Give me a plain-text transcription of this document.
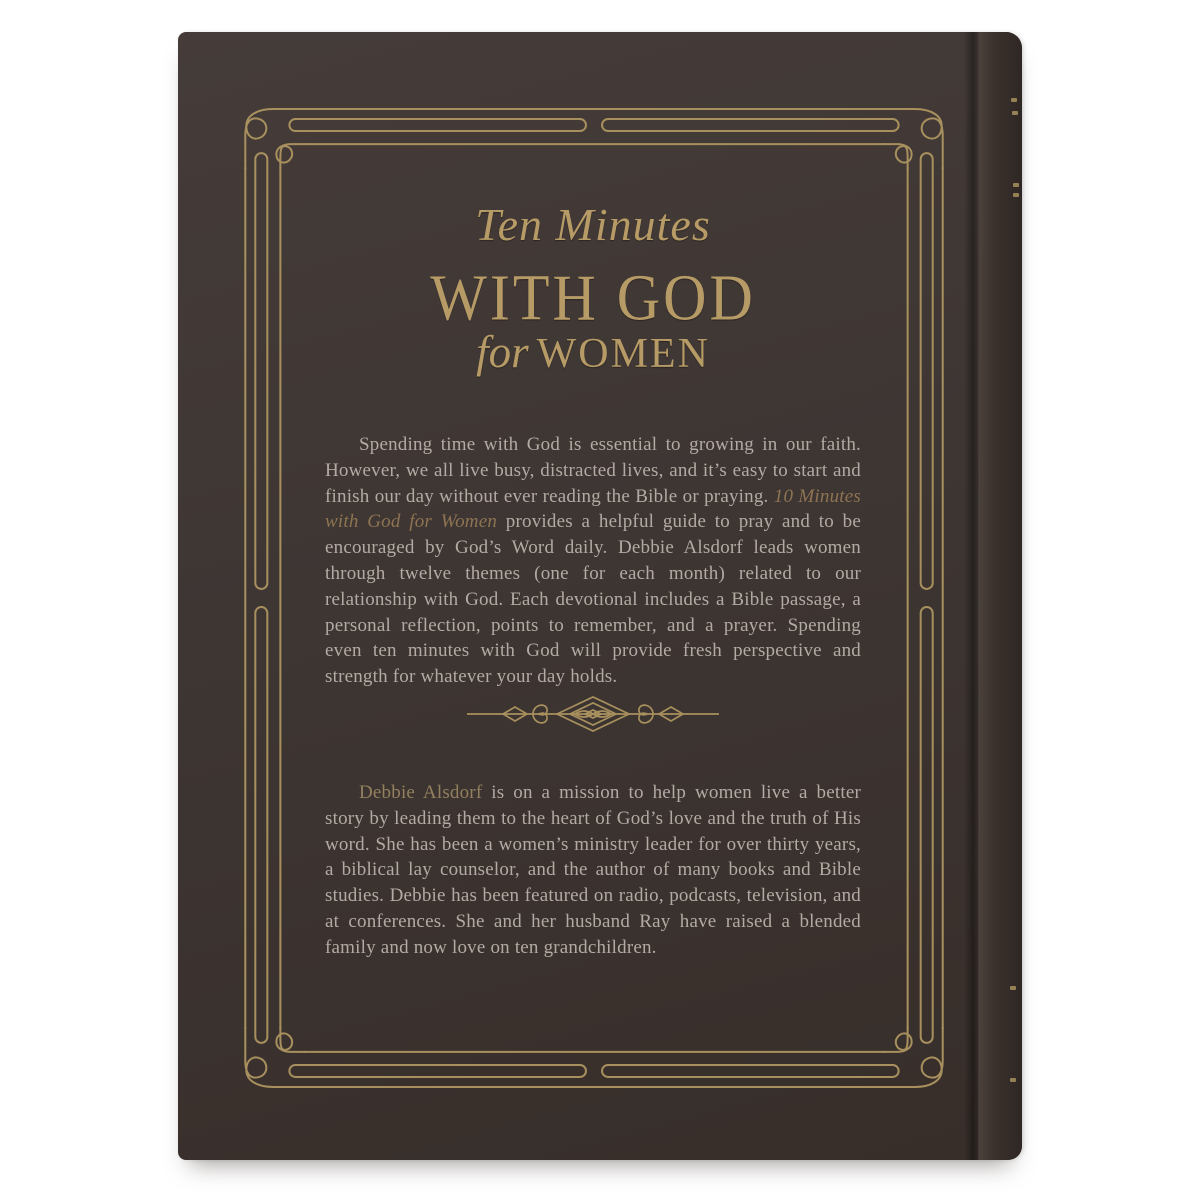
Ten Minutes
WITH GOD
for WOMEN

Spending time with God is essential to growing in our faith. However, we all live busy, distracted lives, and it’s easy to start and finish our day without ever reading the Bible or praying. 10 Minutes with God for Women provides a helpful guide to pray and to be encouraged by God’s Word daily. Debbie Alsdorf leads women through twelve themes (one for each month) related to our relationship with God. Each devotional includes a Bible passage, a personal reflection, points to remember, and a prayer. Spending even ten minutes with God will provide fresh perspective and strength for whatever your day holds.

Debbie Alsdorf is on a mission to help women live a better story by leading them to the heart of God’s love and the truth of His word. She has been a women’s ministry leader for over thirty years, a biblical lay counselor, and the author of many books and Bible studies. Debbie has been featured on radio, podcasts, television, and at conferences. She and her husband Ray have raised a blended family and now love on ten grandchildren.
